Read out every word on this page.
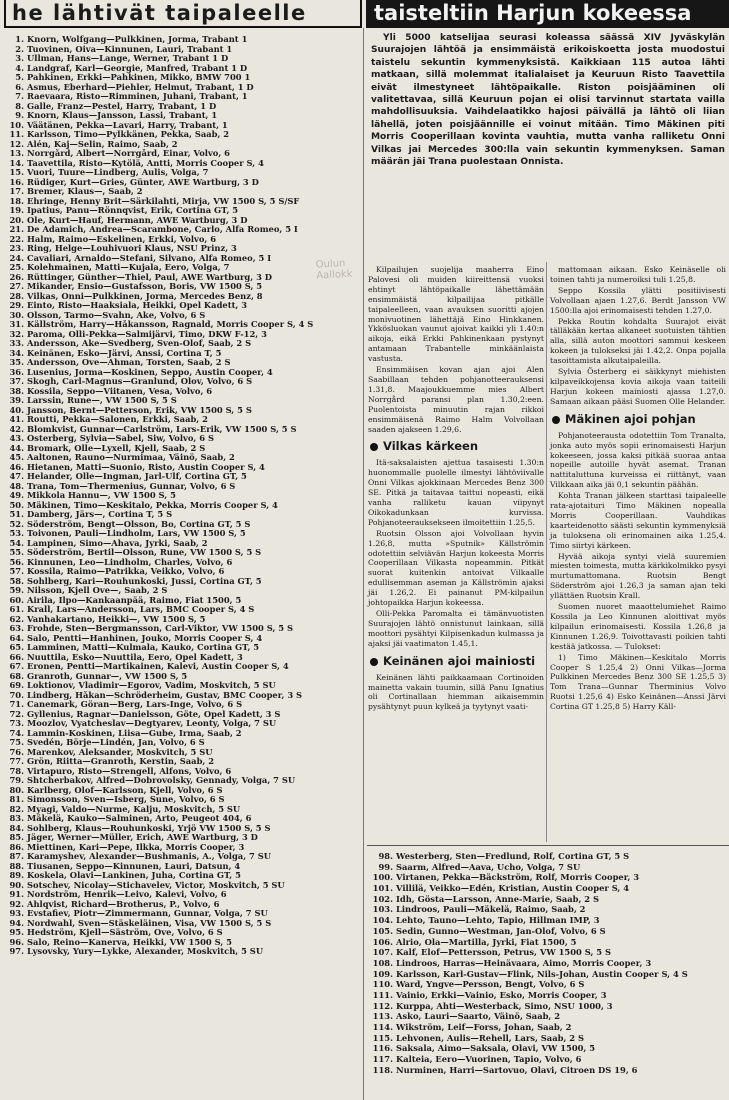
he lähtivät taipaleelle	taisteltiin Harjun kokeessa
1. Knorn, Wolfgang—Pulkkinen, Jorma, Trabant 1
2. Tuovinen, Oiva—Kinnunen, Lauri, Trabant 1
3. Ullman, Hans—Lange, Werner, Trabant 1 D
4. Landgraf, Karl—Georgie, Manfred, Trabant 1 D
5. Pahkinen, Erkki—Pahkinen, Mikko, BMW 700 1
6. Asmus, Eberhard—Piehler, Helmut, Trabant, 1 D
7. Raevaara, Risto—Rimminen, Juhani, Trabant, 1
8. Galle, Franz—Pestel, Harry, Trabant, 1 D
9. Knorn, Klaus—Jansson, Lassi, Trabant, 1
10. Väätänen, Pekka—Lavari, Harry, Trabant, 1
11. Karlsson, Timo—Pylkkänen, Pekka, Saab, 2
12. Alén, Kaj—Selin, Raimo, Saab, 2
13. Norrgård, Albert—Norrgård, Einar, Volvo, 6
14. Taavettila, Risto—Kytölä, Antti, Morris Cooper S, 4
15. Vuori, Tuure—Lindberg, Aulis, Volga, 7
16. Rüdiger, Kurt—Gries, Günter, AWE Wartburg, 3 D
17. Bremer, Klaus—, Saab, 2
18. Ehringe, Henny Brit—Särkilahti, Mirja, VW 1500 S, 5 S/SF
19. Ipatius, Panu—Rönnqvist, Erik, Cortina GT, 5
20. Ole, Kurt—Hauf, Hermann, AWE Wartburg, 3 D
21. De Adamich, Andrea—Scarambone, Carlo, Alfa Romeo, 5 I
22. Halm, Raimo—Eskelinen, Erkki, Volvo, 6
23. Ring, Helge—Louhivuori Klaus, NSU Prinz, 3
24. Cavaliari, Arnaldo—Stefani, Silvano, Alfa Romeo, 5 I
25. Kolehmainen, Matti—Kujala, Eero, Volga, 7
26. Rüttinger, Günther—Thiel, Paul, AWE Wartburg, 3 D
27. Mikander, Ensio—Gustafsson, Boris, VW 1500 S, 5
28. Vilkas, Onni—Pulkkinen, Jorma, Mercedes Benz, 8
29. Einto, Risto—Haaksiala, Heikki, Opel Kadett, 3
30. Olsson, Tarmo—Svahn, Ake, Volvo, 6 S
31. Källström, Harry—Håkansson, Ragnald, Morris Cooper S, 4 S
32. Paroma, Olli-Pekka—Salmijärvi, Timo, DKW F-12, 3
33. Andersson, Ake—Svedberg, Sven-Olof, Saab, 2 S
34. Keinänen, Esko—Järvi, Anssi, Cortina T, 5
35. Andersson, Ove—Ahman, Torsten, Saab, 2 S
36. Lusenius, Jorma—Koskinen, Seppo, Austin Cooper, 4
37. Skogh, Carl-Magnus—Granlund, Olov, Volvo, 6 S
38. Kossila, Seppo—Viitanen, Vesa, Volvo, 6
39. Larssin, Rune—, VW 1500 S, 5 S
40. Jansson, Bernt—Petterson, Erik, VW 1500 S, 5 S
41. Routti, Pekka—Salonen, Erkki, Saab, 2
42. Blomkvist, Gunnar—Carlström, Lars-Erik, VW 1500 S, 5 S
43. Österberg, Sylvia—Sabel, Siw, Volvo, 6 S
44. Bromark, Olle—Lyxell, Kjell, Saab, 2 S
45. Aaltonen, Rauno—Nurmimaa, Väinö, Saab, 2
46. Hietanen, Matti—Suonio, Risto, Austin Cooper S, 4
47. Helander, Olle—Ingman, Jarl-Ulf, Cortina GT, 5
48. Trana, Tom—Thermenius, Gunnar, Volvo, 6 S
49. Mikkola Hannu—, VW 1500 S, 5
50. Mäkinen, Timo—Keskitalo, Pekka, Morris Cooper S, 4
51. Damberg, Järs—, Cortina T, 5 S
52. Söderström, Bengt—Olsson, Bo, Cortina GT, 5 S
53. Toivonen, Pauli—Lindholm, Lars, VW 1500 S, 5
54. Lampinen, Simo—Ahava, Jyrki, Saab, 2
55. Söderström, Bertil—Olsson, Rune, VW 1500 S, 5 S
56. Kinnunen, Leo—Lindholm, Charles, Volvo, 6
57. Kossila, Raimo—Patrikka, Veikko, Volvo, 6
58. Sohlberg, Kari—Rouhunkoski, Jussi, Cortina GT, 5
59. Nilsson, Kjell Ove—, Saab, 2 S
60. Airila, Ilpo—Kankaanpää, Raimo, Fiat 1500, 5
61. Krall, Lars—Andersson, Lars, BMC Cooper S, 4 S
62. Vanhakartano, Heikki—, VW 1500 S, 5
63. Frohde, Sten—Bergmansson, Carl-Viktor, VW 1500 S, 5 S
64. Salo, Pentti—Hanhinen, Jouko, Morris Cooper S, 4
65. Lamminen, Matti—Kulmala, Kauko, Cortina GT, 5
66. Nuuttila, Esko—Nuuttila, Eero, Opel Kadett, 3
67. Eronen, Pentti—Martikainen, Kalevi, Austin Cooper S, 4
68. Granroth, Gunnar—, VW 1500 S, 5
69. Loktionov, Vladimir—Egorov, Vadim, Moskvitch, 5 SU
70. Lindberg, Håkan—Schröderheim, Gustav, BMC Cooper, 3 S
71. Canemark, Göran—Berg, Lars-Inge, Volvo, 6 S
72. Gyllenius, Ragnar—Danielsson, Göte, Opel Kadett, 3 S
73. Moozlov, Vyatcheslav—Degtyarev, Leonty, Volga, 7 SU
74. Lammin-Koskinen, Liisa—Gube, Irma, Saab, 2
75. Svedén, Börje—Lindén, Jan, Volvo, 6 S
76. Marenkov, Aleksander, Moskvitch, 5 SU
77. Grön, Riitta—Granroth, Kerstin, Saab, 2
78. Virtapuro, Risto—Strengell, Alfons, Volvo, 6
79. Shtcherbakov, Alfred—Dobrovolsky, Gennady, Volga, 7 SU
80. Karlberg, Olof—Karlsson, Kjell, Volvo, 6 S
81. Simonsson, Sven—Isberg, Sune, Volvo, 6 S
82. Myagi, Valdo—Nurme, Kalju, Moskvitch, 5 SU
83. Mäkelä, Kauko—Salminen, Arto, Peugeot 404, 6
84. Sohlberg, Klaus—Rouhunkoski, Yrjö VW 1500 S, 5 S
85. Jäger, Werner—Müller, Erich, AWE Wartburg, 3 D
86. Miettinen, Kari—Pepe, Ilkka, Morris Cooper, 3
87. Karamyshev, Alexander—Bushmanis, A., Volga, 7 SU
88. Tiusanen, Seppo—Kinnunen, Lauri, Datsun, 4
89. Koskela, Olavi—Lankinen, Juha, Cortina GT, 5
90. Sotschev, Nicolay—Stichavelev, Victor, Moskvitch, 5 SU
91. Nordström, Henrik—Leivo, Kalevi, Volvo, 6
92. Ahlqvist, Richard—Brotherus, P., Volvo, 6
93. Evstafiev, Piotr—Zimmermann, Gunnar, Volga, 7 SU
94. Nordwahl, Sven—Stäskeläinen, Visa, VW 1500 S, 5 S
95. Hedström, Kjell—Säström, Ove, Volvo, 6 S
96. Salo, Reino—Kanerva, Heikki, VW 1500 S, 5
97. Lysovsky, Yury—Lykke, Alexander, Moskvitch, 5 SU

Yli 5000 katselijaa seurasi koleassa säässä XIV Jyväskylän Suurajojen lähtöä ja ensimmäistä erikoiskoetta josta muodostui taistelu sekuntin kymmenyksistä. Kaikkiaan 115 autoa lähti matkaan, sillä molemmat italialaiset ja Keuruun Risto Taavettila eivät ilmestyneet lähtöpaikalle. Riston poisjääminen oli valitettavaa, sillä Keuruun pojan ei olisi tarvinnut startata vailla mahdollisuuksia. Vaihdelaatikko hajosi päivällä ja lähtö oli liian lähellä, joten poisjäännille ei voinut mitään. Timo Mäkinen piti Morris Cooperillaan kovinta vauhtia, mutta vanha ralliketu Onni Vilkas jai Mercedes 300:lla vain sekuntin kymmenyksen. Saman määrän jäi Trana puolestaan Onnista.

Oulun Aallokk	Kilpailujen suojelija maaherra Eino Palovesi oli muiden kiireittensä vuoksi ehtinyt lähtöpaikalle lähettämään ensimmäistä kilpailijaa pitkälle taipaleelleen, vaan avauksen suoritti ajojen monivuotinen lähettäjä Eino Hinkkanen. Ykkösluokan vaunut ajoivat kaikki yli 1.40:n aikoja, eikä Erkki Pahkinenkaan pystynyt antamaan Trabantelle minkäänlaista vastusta.

Ensimmäisen kovan ajan ajoi Alen Saabillaan tehden pohjanotteerauksensi 1.31,8. Maajoukkuemme mies Albert Norrgård paransi plan 1.30,2:een. Puolentoista minuutin rajan rikkoi ensimmäisenä Raimo Halm Volvollaan saaden ajakseen 1.29,6.

Vilkas kärkeen

Itä-saksalaisten ajettua tasaisesti 1.30:n huonommalle puolelle ilmestyi lähtöviivalle Onni Vilkas ajokkinaan Mercedes Benz 300 SE. Pitkä ja taitavaa taittui nopeasti, eikä vanha ralliketu kauan viipynyt Oikokadunkaan kurvissa. Pohjanoteerauksekseen ilmoitettiin 1.25,5.

Ruotsin Olsson ajoi Volvollaan hyvin 1.26,8, mutta »Sputnik» Källströmin odotettiin selviävän Harjun kokeesta Morris Cooperillaan Vilkasta nopeammin. Pitkät suorat kuitenkin antoivat Vilkaalle edullisemman aseman ja Källströmin ajaksi jäi 1.26,2. Ei painanut PM-kilpailun johtopaikka Harjun kokeessa.

Olli-Pekka Paromalta ei tämänvuotisten Suurajojen lähtö onnistunut lainkaan, sillä moottori pysähtyi Kilpisenkadun kulmassa ja ajaksi jäi vaatimaton 1.45,1.

Keinänen ajoi mainiosti

Keinänen lähti paikkaamaan Cortinoiden mainetta vakain tuumin, sillä Panu Ignatius oli Cortinallaan hiemman aikaisemmin pysähtynyt puun kylkeä ja tyytynyt vaati-

mattomaan aikaan. Esko Keinäselle oli toinen tahti ja numeroiksi tuli 1.25,8.

Seppo Kossila ylätti positiivisesti Volvollaan ajaen 1.27,6. Berdt Jansson VW 1500:lla ajoi erinomaisesti tehden 1.27,0.

Pekka Routin kohdalta Suurajot eivät tälläkään kertaa alkaneet suotuisten tähtien alla, sillä auton moottori sammui keskeen kokeen ja tulokseksi jäi 1.42,2. Onpa pojalla tasoittamista alkutaipaleilla.

Sylvia Österberg ei säikkynyt miehisten kilpaveikkojensa kovia aikoja vaan taiteili Harjun kokeen mainiosti ajassa 1.27,0. Samaan aikaan pääsi Suomen Olle Helander.

Mäkinen ajoi pohjan

Pohjanoteerausta odotettiin Tom Tranalta, jonka auto myös sopii erinomaisesti Harjun kokeeseen, jossa kaksi pitkää suoraa antaa nopeille autoille hyvät asemat. Tranan nattitaluttuna kurveissa ei riittänyt, vaan Vilkkaan aika jäi 0,1 sekuntin päähän.

Kohta Tranan jälkeen starttasi taipaleelle rata-ajotaituri Timo Mäkinen nopealla Morris Cooperillaan. Vauhdikas kaarteidenotto säästi sekuntin kymmenyksiä ja tuloksena oli erinomainen aika 1.25,4. Timo siirtyi kärkeen.

Hyvää aikoja syntyi vielä suuremien miesten toimesta, mutta kärkikolmikko pysyi murtumattomana. Ruotsin Bengt Söderström ajoi 1.26,3 ja saman ajan teki yllättäen Ruotsin Krall.

Suomen nuoret maaottelumiehet Raimo Kossila ja Leo Kinnunen aloittivat myös kilpailun erinomaisesti. Kossila 1.26,8 ja Kinnunen 1.26,9. Toivottavasti poikien tahti kestää jatkossa. — Tulokset:

1) Timo Mäkinen—Keskitalo Morris Cooper S 1.25,4 2) Onni Vilkas—Jorma Pulkkinen Mercedes Benz 300 SE 1.25,5 3) Tom Trana—Gunnar Therminius Volvo Ruotsi 1.25,6 4) Esko Keinänen—Anssi Järvi Cortina GT 1.25,8 5) Harry Käll-

98. Westerberg, Sten—Fredlund, Rolf, Cortina GT, 5 S
99. Saarm, Alfred—Aava, Ucho, Volga, 7 SU
100. Virtanen, Pekka—Bäckström, Rolf, Morris Cooper, 3
101. Villilä, Veikko—Edén, Kristian, Austin Cooper S, 4
102. Idh, Gösta—Larsson, Anne-Marie, Saab, 2 S
103. Lindroos, Pauli—Mäkelä, Raimo, Saab, 2
104. Lehto, Tauno—Lehto, Tapio, Hillman IMP, 3
105. Sedin, Gunno—Westman, Jan-Olof, Volvo, 6 S
106. Alrio, Ola—Martilla, Jyrki, Fiat 1500, 5
107. Kalf, Elof—Pettersson, Petrus, VW 1500 S, 5 S
108. Lindroos, Harras—Heinävaara, Aimo, Morris Cooper, 3
109. Karlsson, Karl-Gustav—Flink, Nils-Johan, Austin Cooper S, 4 S
110. Ward, Yngve—Persson, Bengt, Volvo, 6 S
111. Vainio, Erkki—Vainio, Esko, Morris Cooper, 3
112. Kurppa, Ahti—Westerback, Simo, NSU 1000, 3
113. Asko, Lauri—Saarto, Väinö, Saab, 2
114. Wikström, Leif—Forss, Johan, Saab, 2
115. Lehvonen, Aulis—Rehell, Lars, Saab, 2 S
116. Saksala, Aimo—Saksala, Olavi, VW 1500, 5
117. Kalteia, Eero—Vuorinen, Tapio, Volvo, 6
118. Nurminen, Harri—Sartovuo, Olavi, Citroen DS 19, 6
